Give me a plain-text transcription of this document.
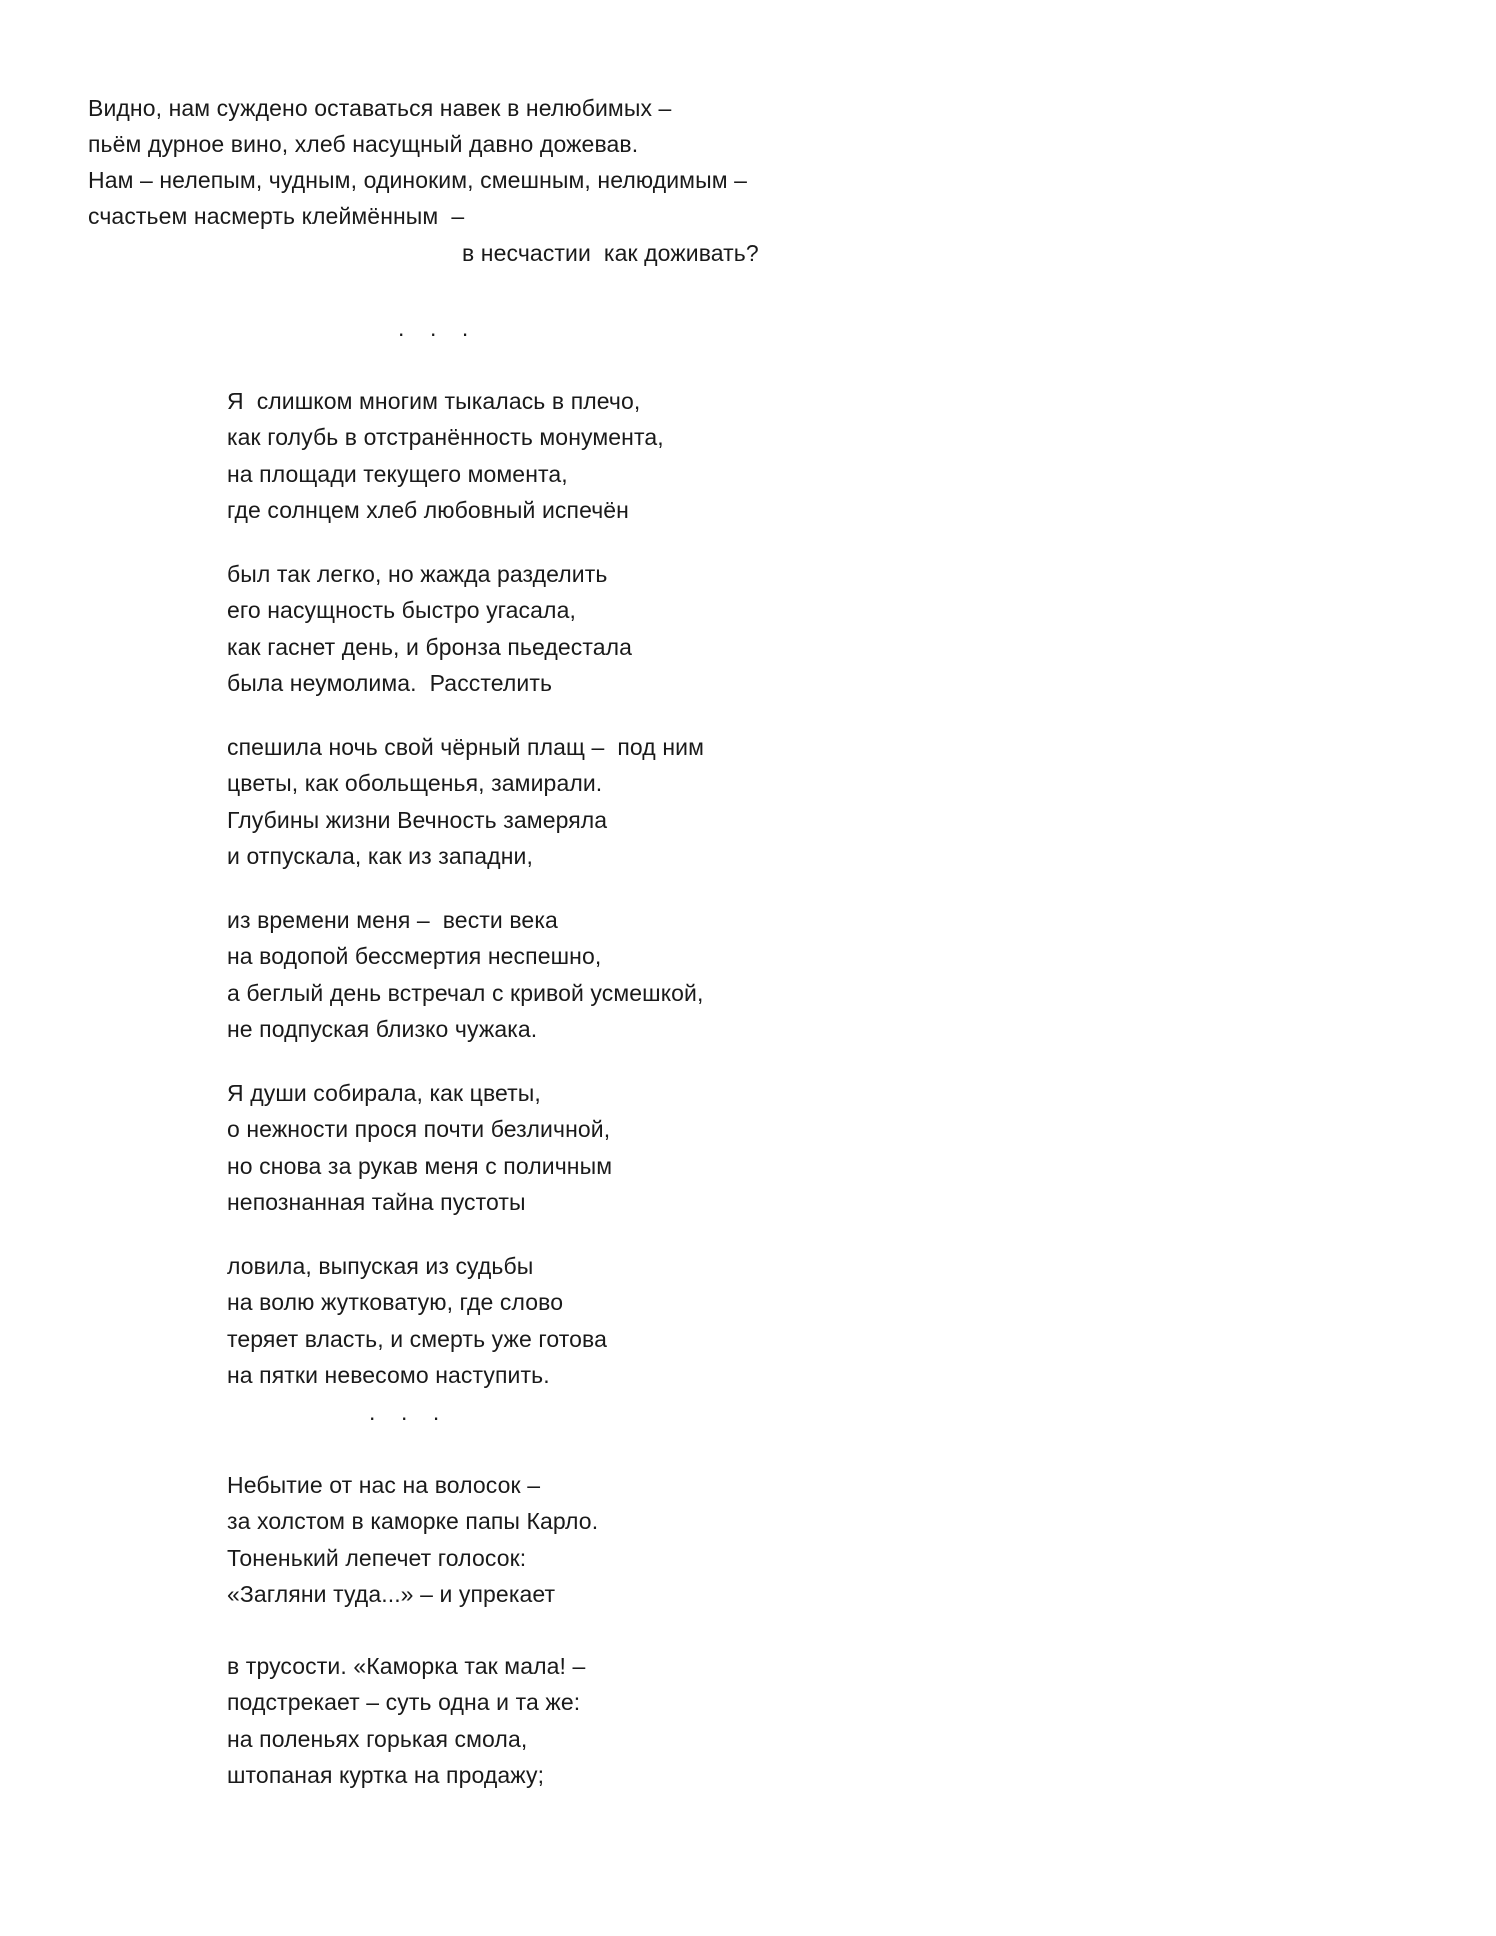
Видно, нам суждено оставаться навек в нелюбимых –
пьём дурное вино, хлеб насущный давно дожевав.
Нам – нелепым, чудным, одиноким, смешным, нелюдимым –
счастьем насмерть клеймённым  –
в несчастии  как доживать?
.    .    .
Я  слишком многим тыкалась в плечо,
как голубь в отстранённость монумента,
на площади текущего момента,
где солнцем хлеб любовный испечён
был так легко, но жажда разделить
его насущность быстро угасала,
как гаснет день, и бронза пьедестала
была неумолима.  Расстелить
спешила ночь свой чёрный плащ –  под ним
цветы, как обольщенья, замирали.
Глубины жизни Вечность замеряла
и отпускала, как из западни,
из времени меня –  вести века
на водопой бессмертия неспешно,
а беглый день встречал с кривой усмешкой,
не подпуская близко чужака.
Я души собирала, как цветы,
о нежности прося почти безличной,
но снова за рукав меня с поличным
непознанная тайна пустоты
ловила, выпуская из судьбы
на волю жутковатую, где слово
теряет власть, и смерть уже готова
на пятки невесомо наступить.
.    .    .
Небытие от нас на волосок –
за холстом в каморке папы Карло.
Тоненький лепечет голосок:
«Загляни туда...» – и упрекает
в трусости. «Каморка так мала! –
подстрекает – суть одна и та же:
на поленьях горькая смола,
штопаная куртка на продажу;
